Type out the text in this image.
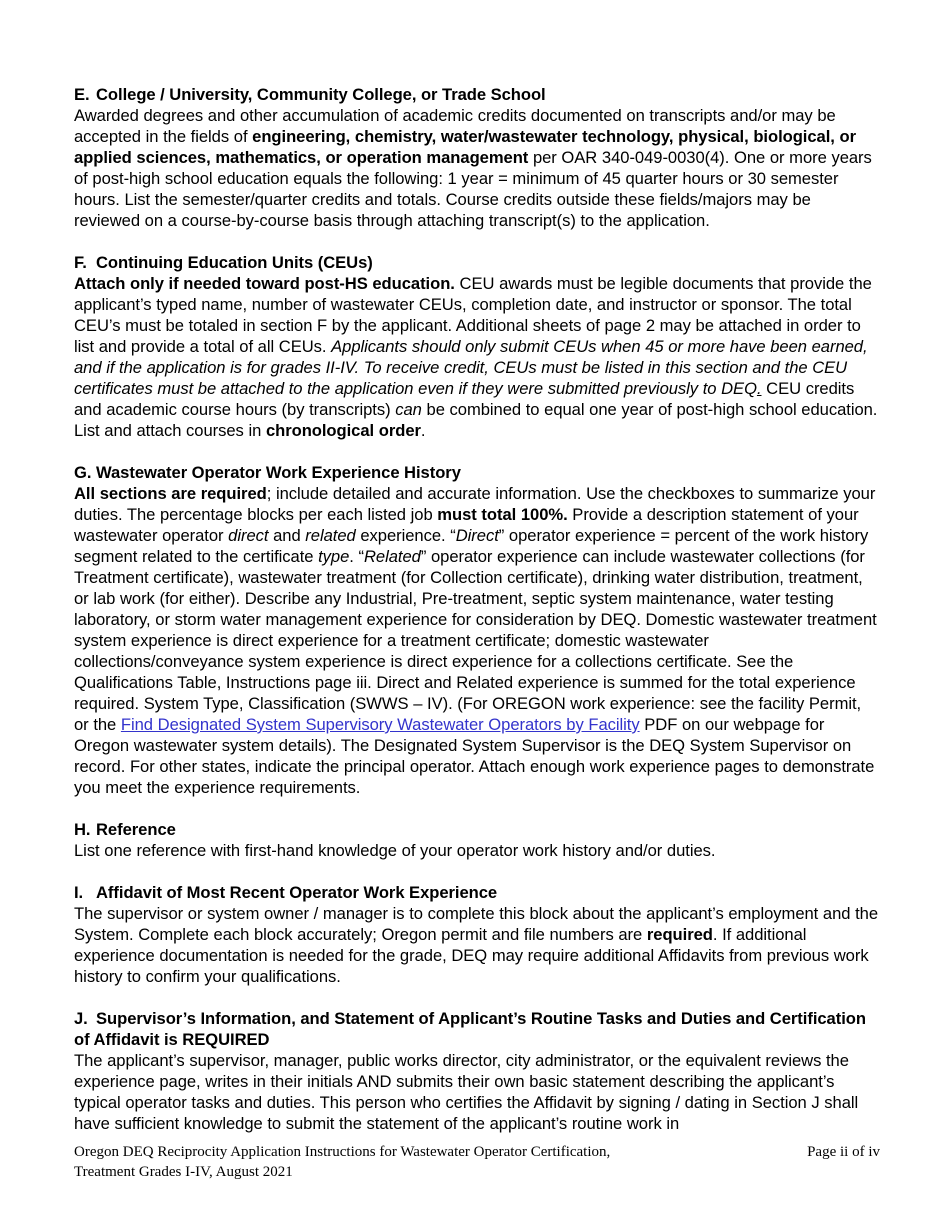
E. College / University, Community College, or Trade School

Awarded degrees and other accumulation of academic credits documented on transcripts and/or may be accepted in the fields of engineering, chemistry, water/wastewater technology, physical, biological, or applied sciences, mathematics, or operation management per OAR 340-049-0030(4). One or more years of post-high school education equals the following: 1 year = minimum of 45 quarter hours or 30 semester hours. List the semester/quarter credits and totals. Course credits outside these fields/majors may be reviewed on a course-by-course basis through attaching transcript(s) to the application.

F. Continuing Education Units (CEUs)

Attach only if needed toward post-HS education. CEU awards must be legible documents that provide the applicant’s typed name, number of wastewater CEUs, completion date, and instructor or sponsor. The total CEU’s must be totaled in section F by the applicant. Additional sheets of page 2 may be attached in order to list and provide a total of all CEUs. Applicants should only submit CEUs when 45 or more have been earned, and if the application is for grades II-IV. To receive credit, CEUs must be listed in this section and the CEU certificates must be attached to the application even if they were submitted previously to DEQ. CEU credits and academic course hours (by transcripts) can be combined to equal one year of post-high school education. List and attach courses in chronological order.

G. Wastewater Operator Work Experience History

All sections are required; include detailed and accurate information. Use the checkboxes to summarize your duties. The percentage blocks per each listed job must total 100%. Provide a description statement of your wastewater operator direct and related experience. “Direct” operator experience = percent of the work history segment related to the certificate type. “Related” operator experience can include wastewater collections (for Treatment certificate), wastewater treatment (for Collection certificate), drinking water distribution, treatment, or lab work (for either). Describe any Industrial, Pre-treatment, septic system maintenance, water testing laboratory, or storm water management experience for consideration by DEQ. Domestic wastewater treatment system experience is direct experience for a treatment certificate; domestic wastewater collections/conveyance system experience is direct experience for a collections certificate. See the Qualifications Table, Instructions page iii. Direct and Related experience is summed for the total experience required. System Type, Classification (SWWS – IV). (For OREGON work experience: see the facility Permit, or the Find Designated System Supervisory Wastewater Operators by Facility PDF on our webpage for Oregon wastewater system details). The Designated System Supervisor is the DEQ System Supervisor on record. For other states, indicate the principal operator. Attach enough work experience pages to demonstrate you meet the experience requirements.

H. Reference

List one reference with first-hand knowledge of your operator work history and/or duties.

I. Affidavit of Most Recent Operator Work Experience

The supervisor or system owner / manager is to complete this block about the applicant’s employment and the System. Complete each block accurately; Oregon permit and file numbers are required. If additional experience documentation is needed for the grade, DEQ may require additional Affidavits from previous work history to confirm your qualifications.

J. Supervisor’s Information, and Statement of Applicant’s Routine Tasks and Duties and Certification of Affidavit is REQUIRED

The applicant’s supervisor, manager, public works director, city administrator, or the equivalent reviews the experience page, writes in their initials AND submits their own basic statement describing the applicant’s typical operator tasks and duties. This person who certifies the Affidavit by signing / dating in Section J shall have sufficient knowledge to submit the statement of the applicant’s routine work in

Oregon DEQ Reciprocity Application Instructions for Wastewater Operator Certification,
Treatment Grades I-IV, August 2021
Page ii of iv
